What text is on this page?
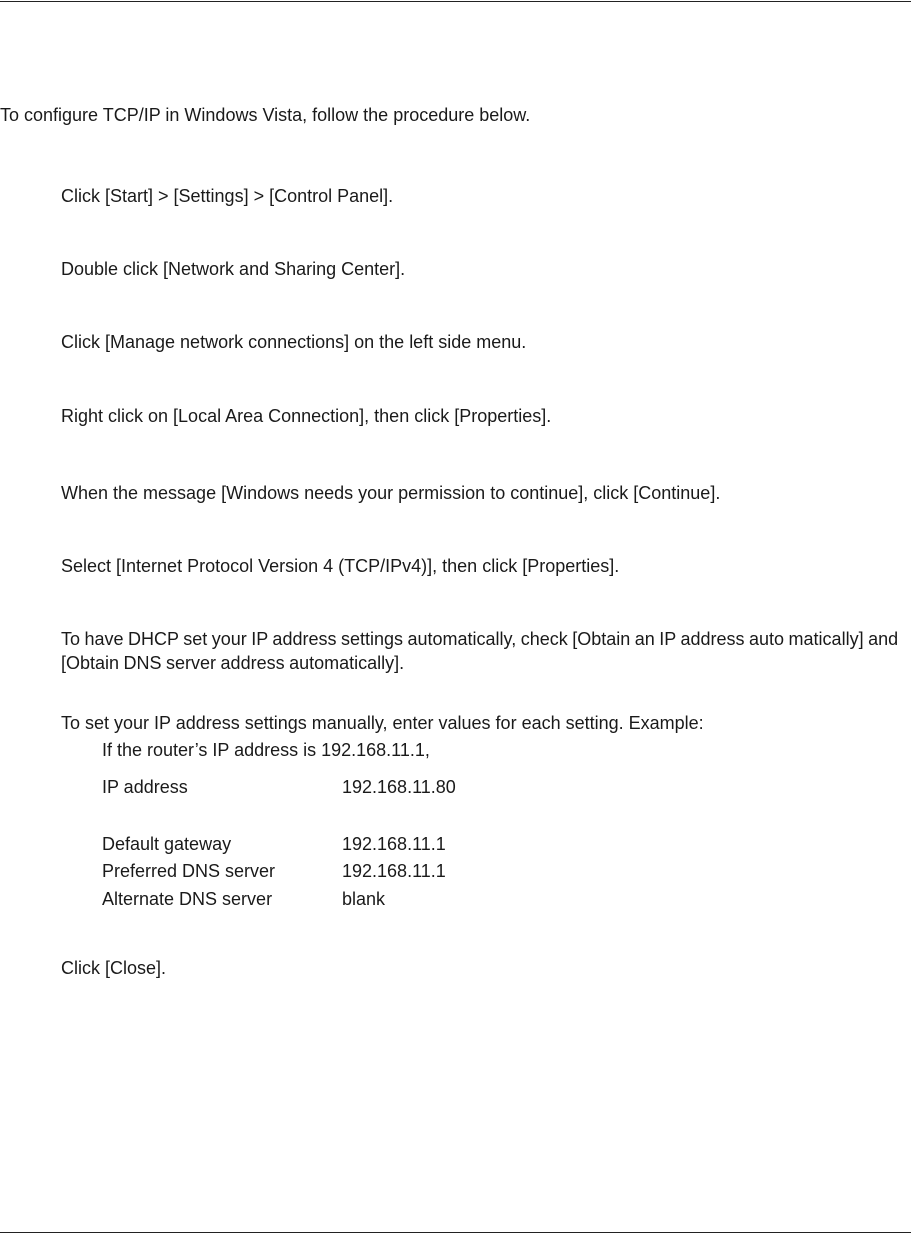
To configure TCP/IP in Windows Vista, follow the procedure below.
Click [Start] > [Settings] > [Control Panel].
Double click [Network and Sharing Center].
Click [Manage network connections] on the left side menu.
Right click on [Local Area Connection], then click [Properties].
When the message [Windows needs your permission to continue], click [Continue].
Select [Internet Protocol Version 4 (TCP/IPv4)], then click [Properties].
To have DHCP set your IP address settings automatically, check [Obtain an IP address auto matically] and [Obtain DNS server address automatically].
To set your IP address settings manually, enter values for each setting. Example:
If the router’s IP address is 192.168.11.1,
IP address	192.168.11.80
Default gateway	192.168.11.1
Preferred DNS server	192.168.11.1
Alternate DNS server	blank
Click [Close].
